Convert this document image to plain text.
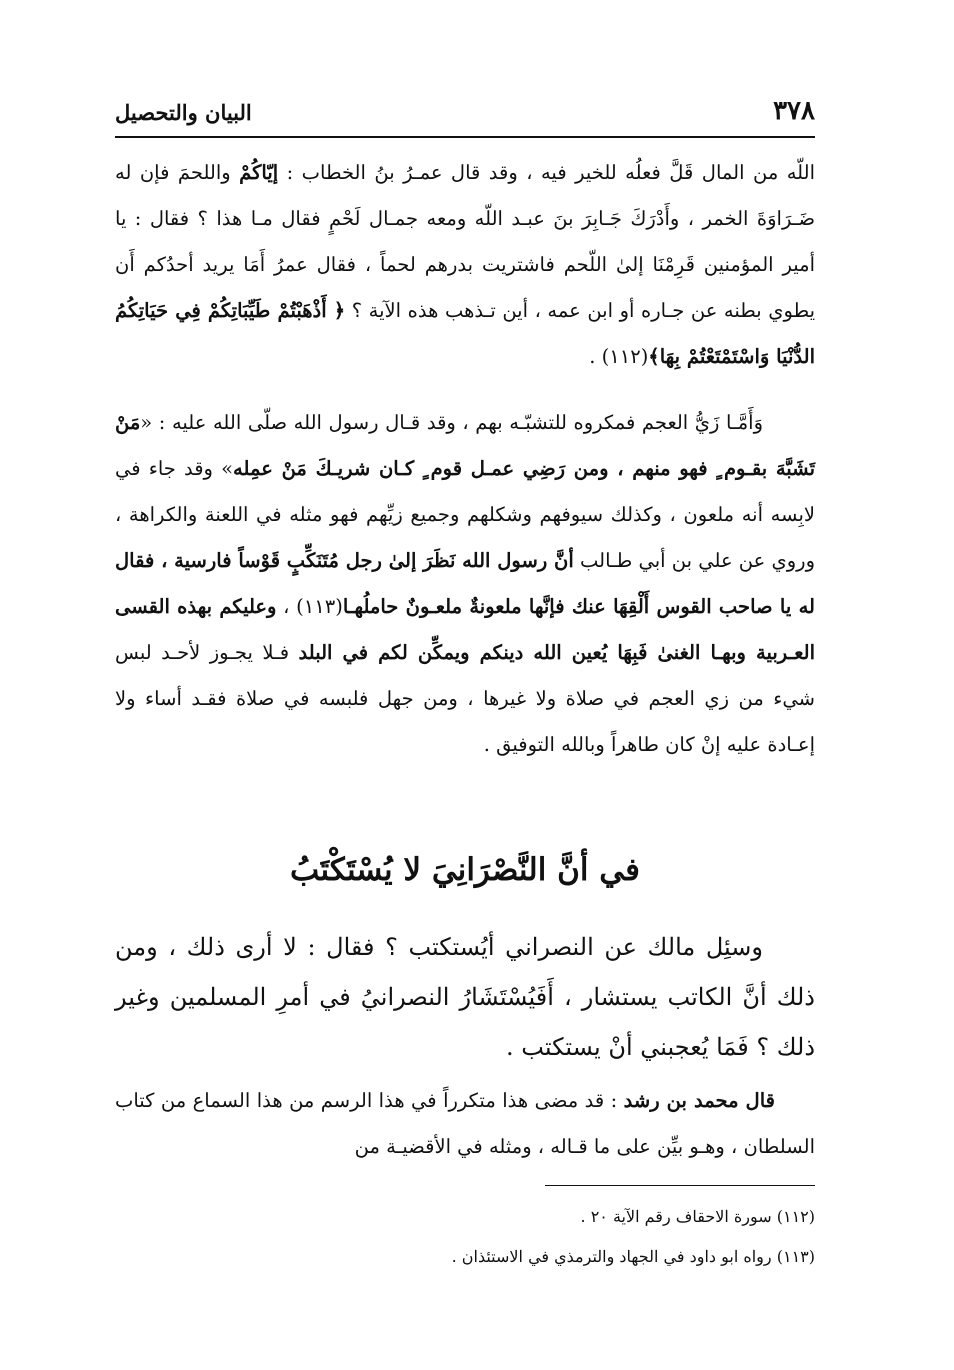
٣٧٨
البيان والتحصيل

اللّه من المال قَلَّ فعلُه للخير فيه ، وقد قال عمـرُ بنُ الخطاب : إيّاكُمْ واللحمَ فإن له ضَـرَاوَةَ الخمر ، وأَدْرَكَ جَـابِرَ بنَ عبـد اللّه ومعه جمـال لَحْمٍ فقال مـا هذا ؟ فقال : يا أمير المؤمنين قَرِمْنَا إلىٰ اللّحم فاشتريت بدرهم لحماً ، فقال عمرُ أَمَا يريد أحدُكم أَن يطوي بطنه عن جـاره أو ابن عمه ، أين تـذهب هذه الآية ؟ ﴿ أَذْهَبْتُمْ طَيِّبَاتِكُمْ فِي حَيَاتِكُمُ الدُّنْيَا وَاسْتَمْتَعْتُمْ بِهَا﴾(١١٢) .

وَأَمَّـا زَيُّ العجم فمكروه للتشبّـه بهم ، وقد قـال رسول الله صلّى الله عليه : «مَنْ تَشَبَّهَ بقـوم ٍ فهو منهم ، ومن رَضِي عمـل قوم ٍ كـان شريـكَ مَنْ عمِله» وقد جاء في لابِسه أنه ملعون ، وكذلك سيوفهم وشكلهم وجميع زيِّهم فهو مثله في اللعنة والكراهة ، وروي عن علي بن أبي طـالب أنَّ رسول الله نَظَرَ إلىٰ رجل مُتَنَكِّبٍ قَوْساً فارسية ، فقال له يا صاحب القوس أَلْقِهَا عنك فإنَّها ملعونةٌ ملعـونٌ حاملُهـا(١١٣) ، وعليكم بهذه القسى العـربية وبهـا الغنىٰ فَبِهَا يُعين الله دينكم ويمكِّن لكم في البلد فـلا يجـوز لأحـد لبس شيء من زي العجم في صلاة ولا غيرها ، ومن جهل فلبسه في صلاة فقـد أساء ولا إعـادة عليه إنْ كان طاهراً وبالله التوفيق .

في أنَّ النَّصْرَانِيَ لا يُسْتَكْتَبُ

وسئِل مالك عن النصراني أيُستكتب ؟ فقال : لا أرى ذلك ، ومن ذلك أنَّ الكاتب يستشار ، أَفَيُسْتَشَارُ النصرانيُ في أمرِ المسلمين وغير ذلك ؟ فَمَا يُعجبني أنْ يستكتب .

قال محمد بن رشد : قد مضى هذا متكرراً في هذا الرسم من هذا السماع من كتاب السلطان ، وهـو بيِّن على ما قـاله ، ومثله في الأقضيـة من

(١١٢) سورة الاحقاف رقم الآية ٢٠ .

(١١٣) رواه ابو داود في الجهاد والترمذي في الاستئذان .
